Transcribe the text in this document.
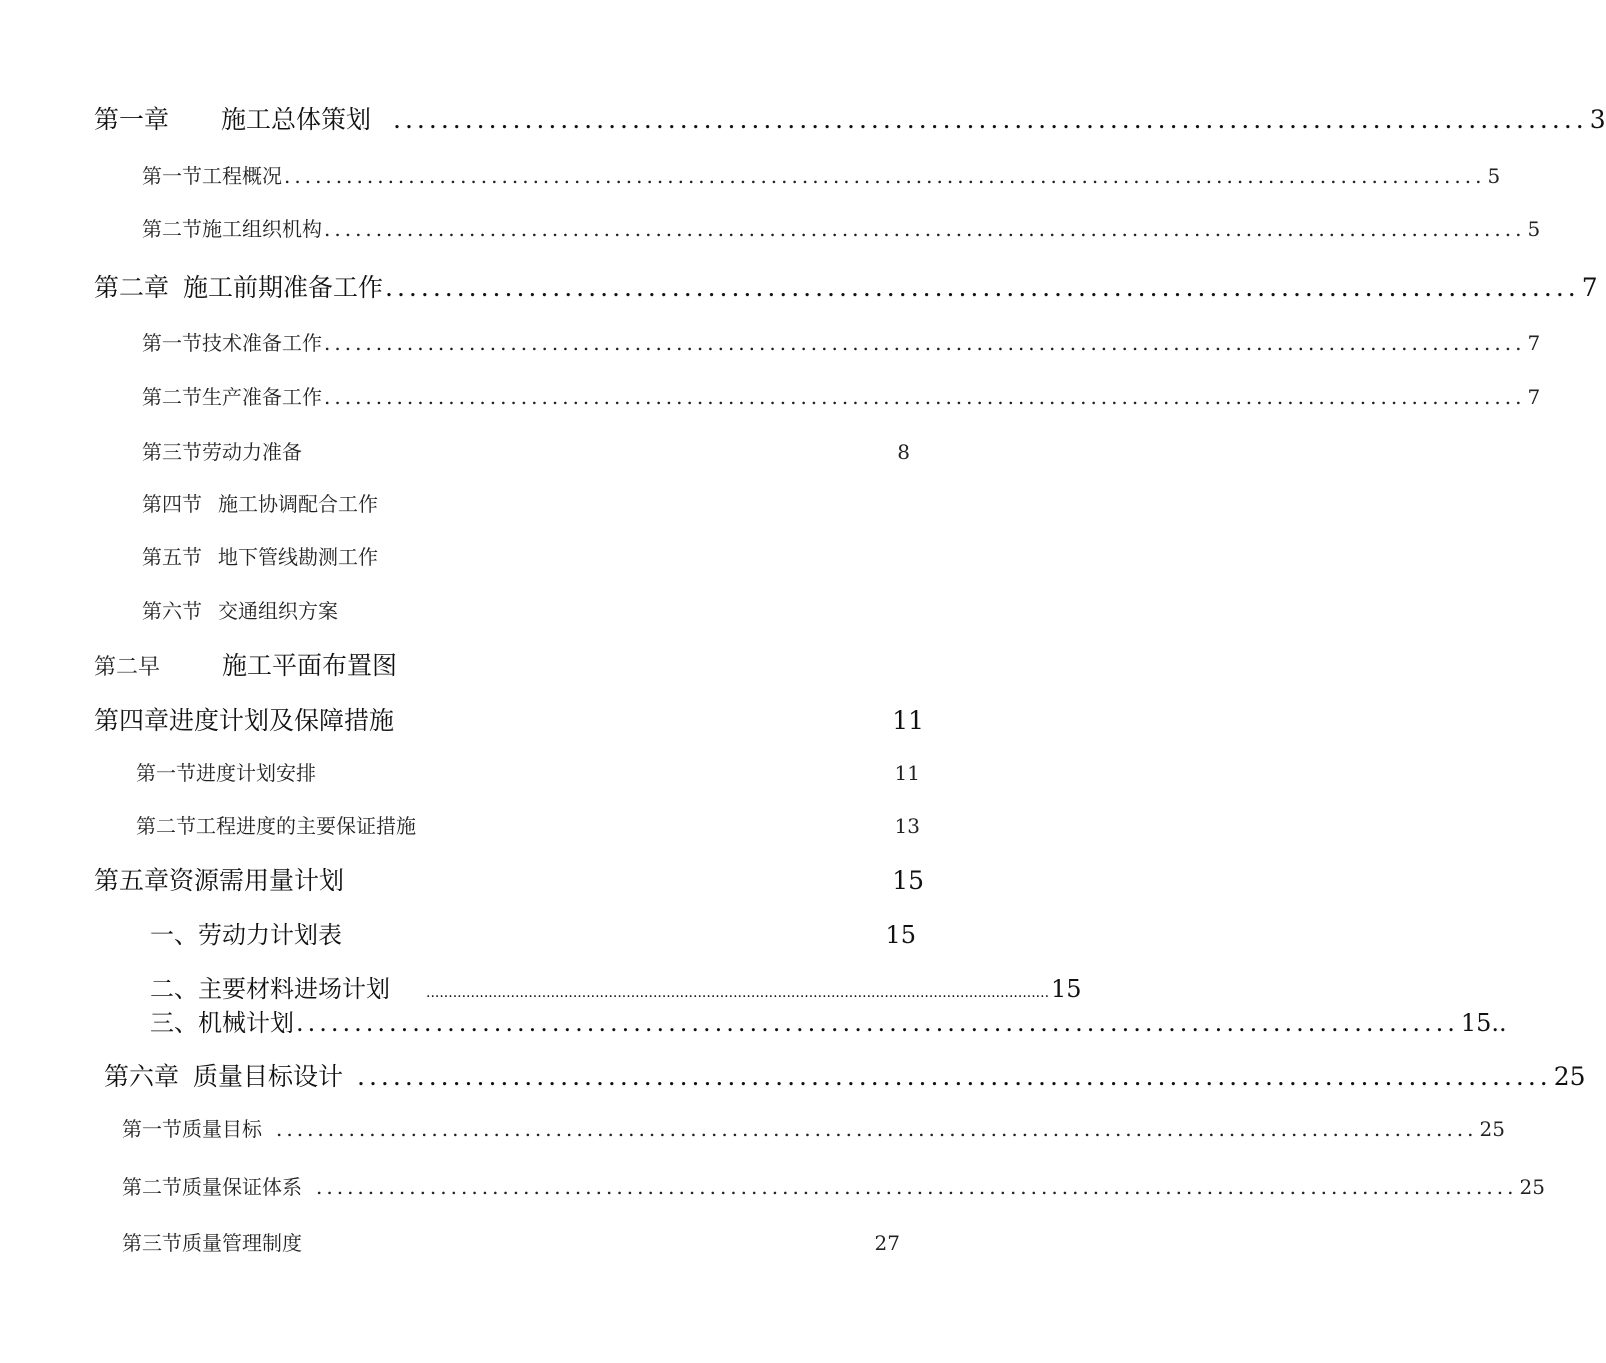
第一章 施工总体策划 .................................................................................................... 3
第一节工程概况 .................................................................................................................... 5
第二节施工组织机构 .................................................................................................................... 5
第二章 施工前期准备工作 .................................................................................................... 7
第一节技术准备工作 .................................................................................................................... 7
第二节生产准备工作 .................................................................................................................... 7
第三节劳动力准备	8
第四节 施工协调配合工作
第五节 地下管线勘测工作
第六节 交通组织方案
第二早 施工平面布置图
第四章进度计划及保障措施	11
第一节进度计划安排	11
第二节工程进度的主要保证措施	13
第五章资源需用量计划	15
一、劳动力计划表	15
二、主要材料进场计划	............................................................................................................................................ 15
三、机械计划 .................................................................................................... 15..
第六章 质量目标设计 .................................................................................................... 25
第一节质量目标 .................................................................................................................... 25
第二节质量保证体系 .................................................................................................................... 25
第三节质量管理制度	27
